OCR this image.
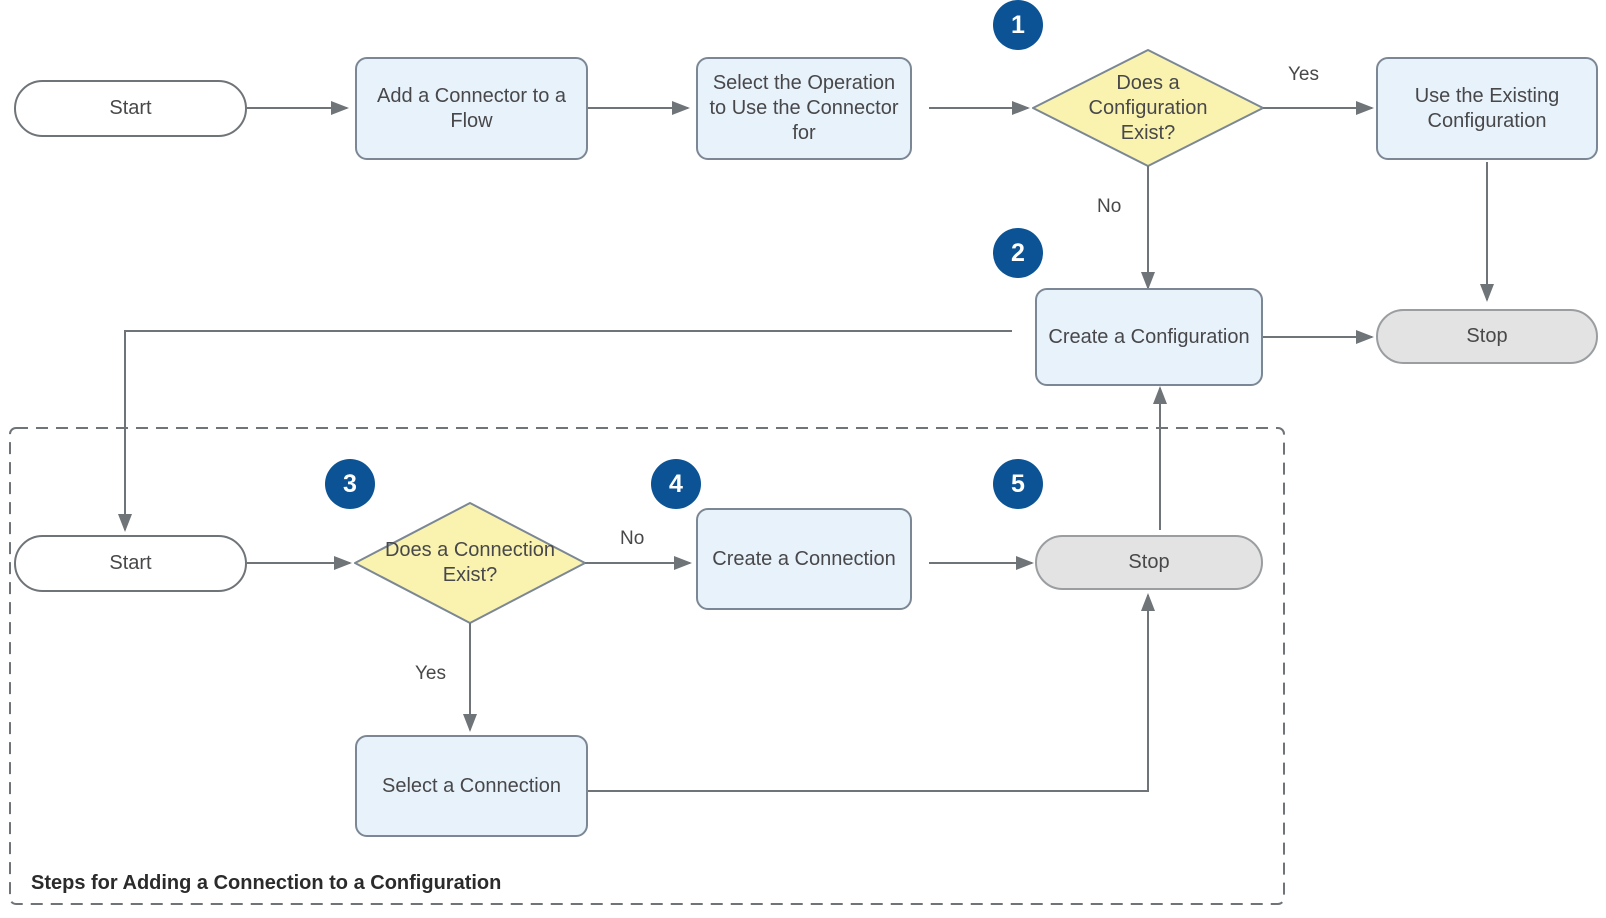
Start
Add a Connector to a Flow
Select the Operation to Use the Connector for
Does a Configuration Exist?
Use the Existing Configuration
Create a Configuration	Stop
Start
Does a Connection Exist?
Create a Connection	Stop
Select a Connection
Yes
No
No
Yes
1
2
3	4	5
Steps for Adding a Connection to a Configuration
